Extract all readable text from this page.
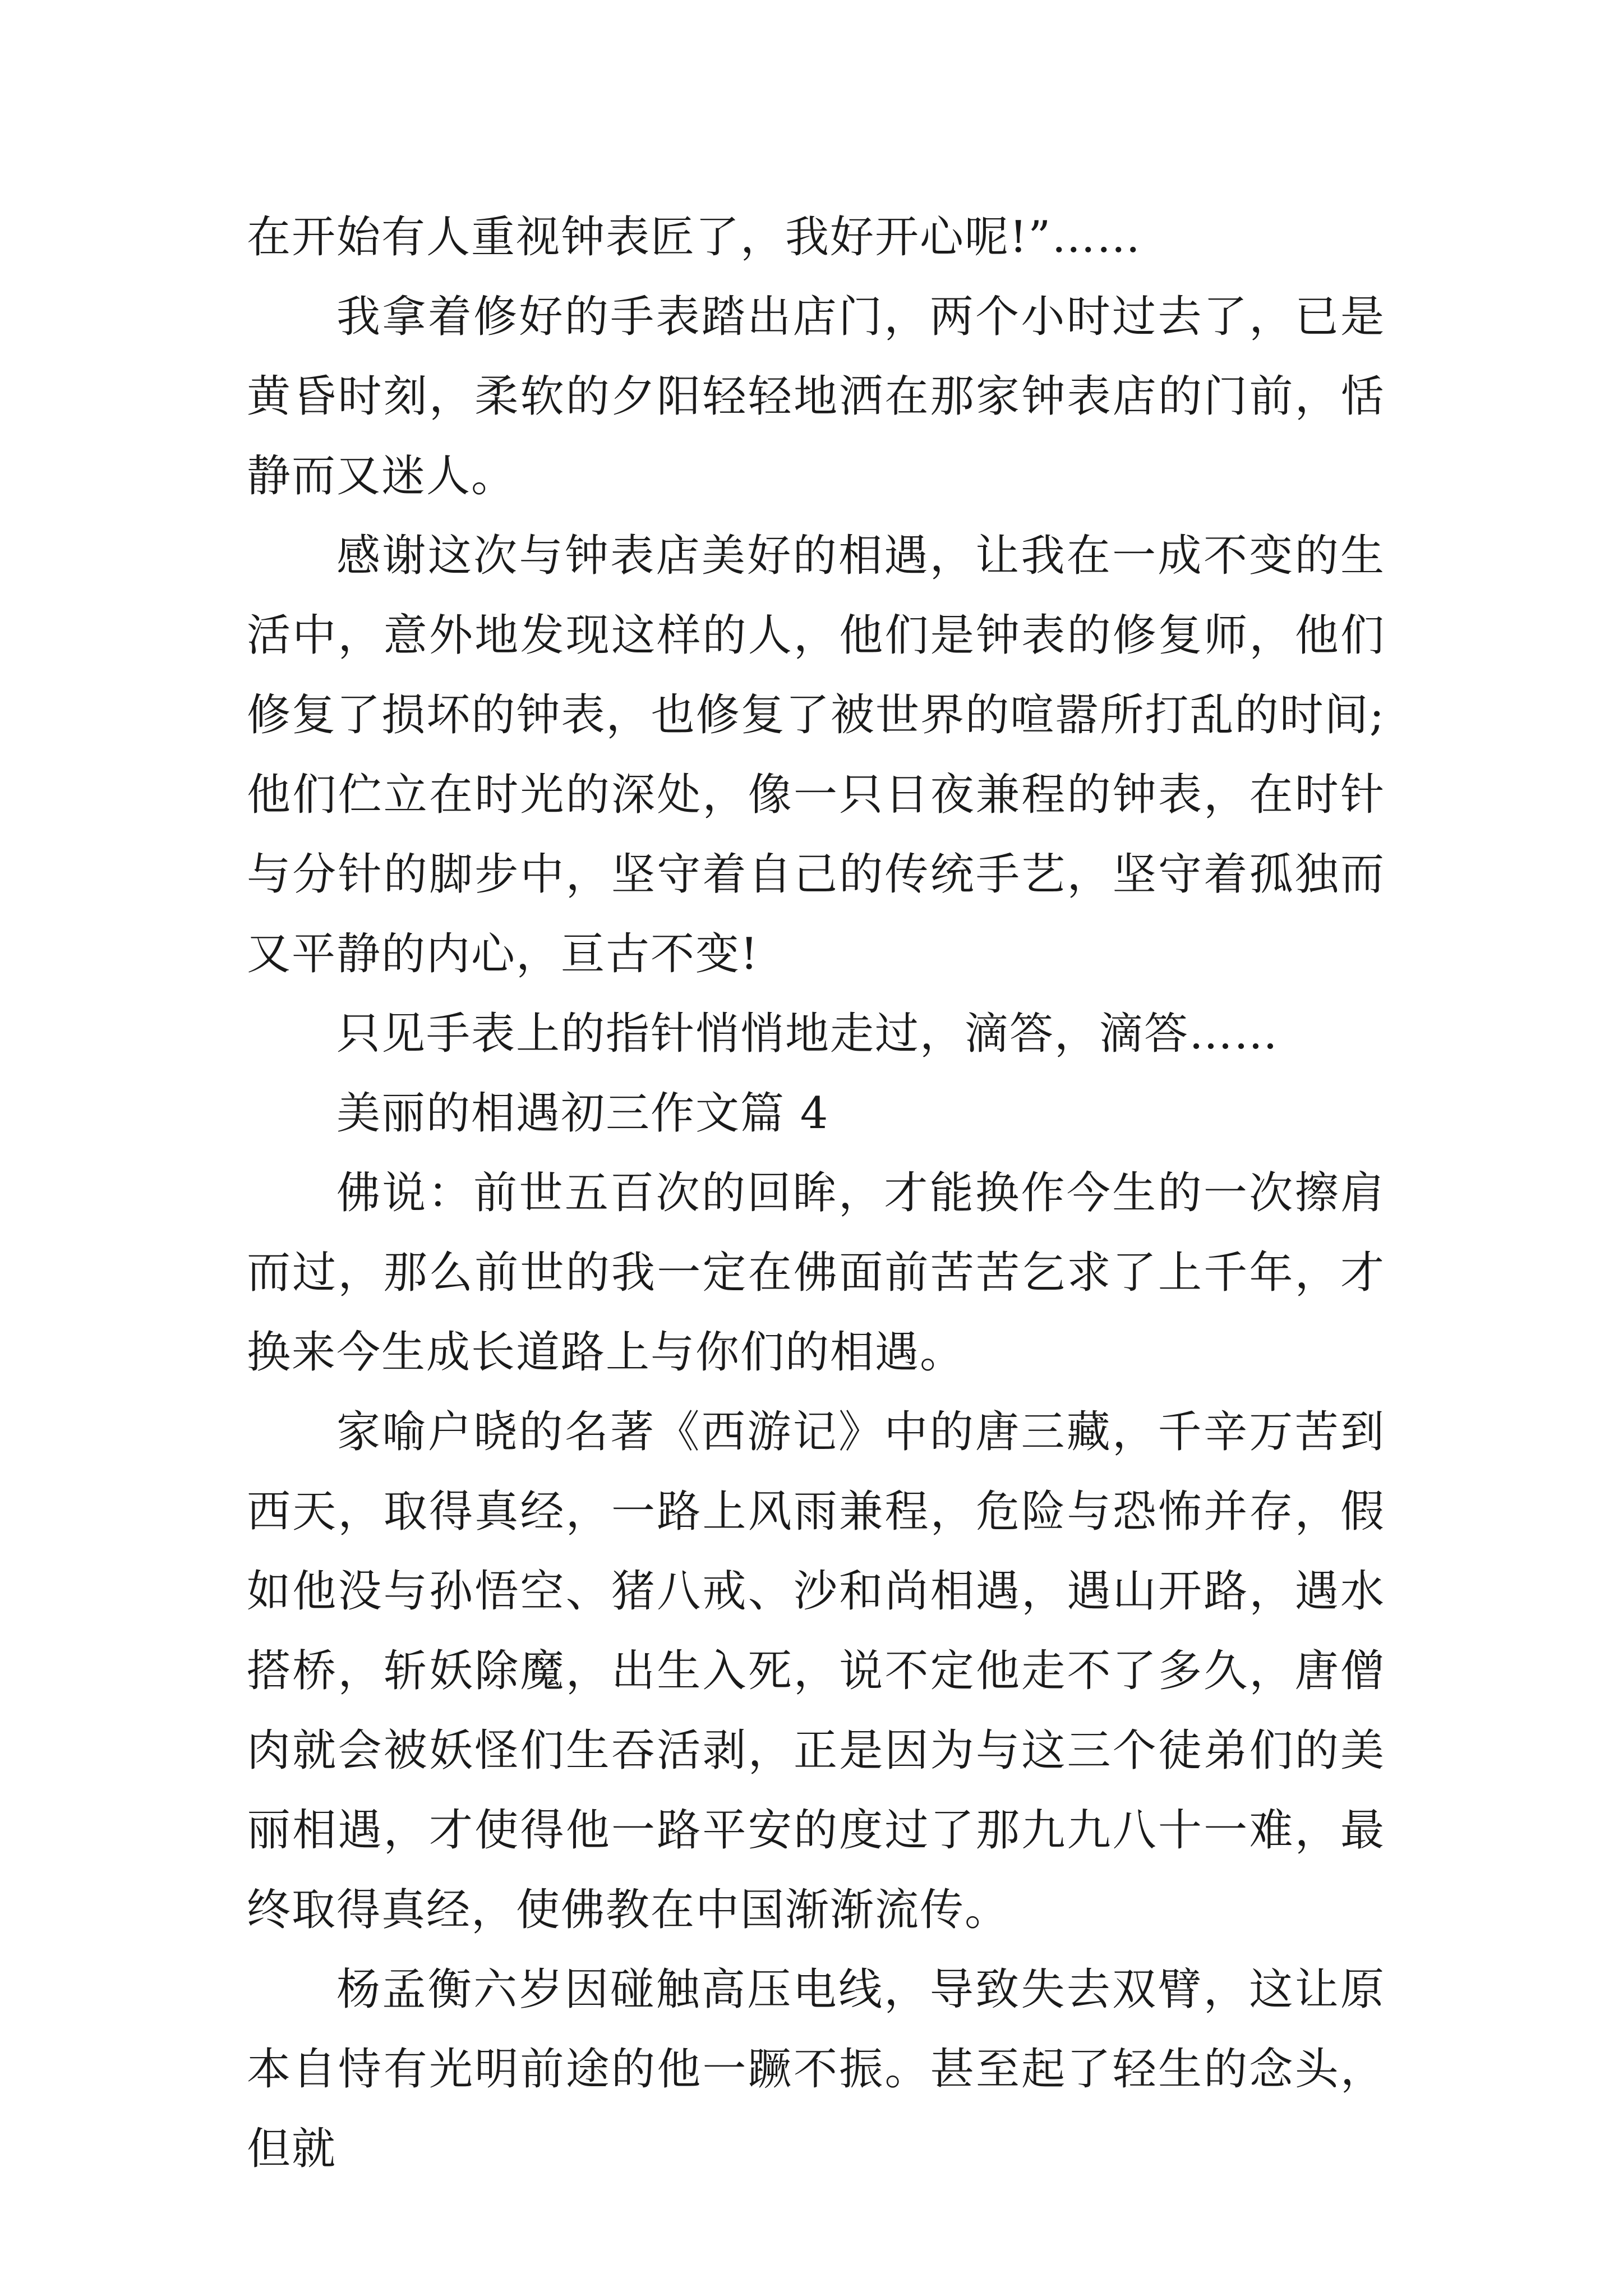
在开始有人重视钟表匠了，我好开心呢!”……

我拿着修好的手表踏出店门，两个小时过去了，已是黄昏时刻，柔软的夕阳轻轻地洒在那家钟表店的门前，恬静而又迷人。

感谢这次与钟表店美好的相遇，让我在一成不变的生活中，意外地发现这样的人，他们是钟表的修复师，他们修复了损坏的钟表，也修复了被世界的喧嚣所打乱的时间;他们伫立在时光的深处，像一只日夜兼程的钟表，在时针与分针的脚步中，坚守着自己的传统手艺，坚守着孤独而又平静的内心，亘古不变!

只见手表上的指针悄悄地走过，滴答，滴答……

美丽的相遇初三作文篇 4

佛说：前世五百次的回眸，才能换作今生的一次擦肩而过，那么前世的我一定在佛面前苦苦乞求了上千年，才换来今生成长道路上与你们的相遇。

家喻户晓的名著《西游记》中的唐三藏，千辛万苦到西天，取得真经，一路上风雨兼程，危险与恐怖并存，假如他没与孙悟空、猪八戒、沙和尚相遇，遇山开路，遇水搭桥，斩妖除魔，出生入死，说不定他走不了多久，唐僧肉就会被妖怪们生吞活剥，正是因为与这三个徒弟们的美丽相遇，才使得他一路平安的度过了那九九八十一难，最终取得真经，使佛教在中国渐渐流传。

杨孟衡六岁因碰触高压电线，导致失去双臂，这让原本自恃有光明前途的他一蹶不振。甚至起了轻生的念头，但就
